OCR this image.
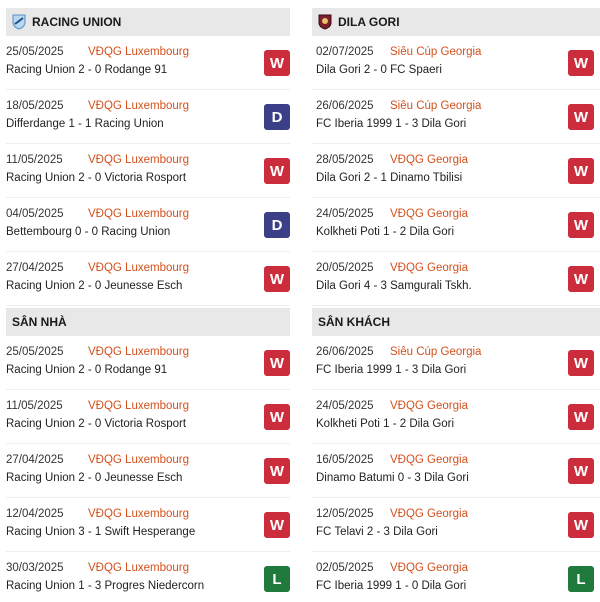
RACING UNION
25/05/2025 VĐQG Luxembourg
Racing Union 2 - 0 Rodange 91	W
18/05/2025 VĐQG Luxembourg
Differdange 1 - 1 Racing Union	D
11/05/2025 VĐQG Luxembourg
Racing Union 2 - 0 Victoria Rosport	W
04/05/2025 VĐQG Luxembourg
Bettembourg 0 - 0 Racing Union	D
27/04/2025 VĐQG Luxembourg
Racing Union 2 - 0 Jeunesse Esch	W
SÂN NHÀ
25/05/2025 VĐQG Luxembourg
Racing Union 2 - 0 Rodange 91	W
11/05/2025 VĐQG Luxembourg
Racing Union 2 - 0 Victoria Rosport	W
27/04/2025 VĐQG Luxembourg
Racing Union 2 - 0 Jeunesse Esch	W
12/04/2025 VĐQG Luxembourg
Racing Union 3 - 1 Swift Hesperange	W
30/03/2025 VĐQG Luxembourg
Racing Union 1 - 3 Progres Niedercorn	L
DILA GORI
02/07/2025 Siêu Cúp Georgia
Dila Gori 2 - 0 FC Spaeri	W
26/06/2025 Siêu Cúp Georgia
FC Iberia 1999 1 - 3 Dila Gori	W
28/05/2025 VĐQG Georgia
Dila Gori 2 - 1 Dinamo Tbilisi	W
24/05/2025 VĐQG Georgia
Kolkheti Poti 1 - 2 Dila Gori	W
20/05/2025 VĐQG Georgia
Dila Gori 4 - 3 Samgurali Tskh.	W
SÂN KHÁCH
26/06/2025 Siêu Cúp Georgia
FC Iberia 1999 1 - 3 Dila Gori	W
24/05/2025 VĐQG Georgia
Kolkheti Poti 1 - 2 Dila Gori	W
16/05/2025 VĐQG Georgia
Dinamo Batumi 0 - 3 Dila Gori	W
12/05/2025 VĐQG Georgia
FC Telavi 2 - 3 Dila Gori	W
02/05/2025 VĐQG Georgia
FC Iberia 1999 1 - 0 Dila Gori	L
